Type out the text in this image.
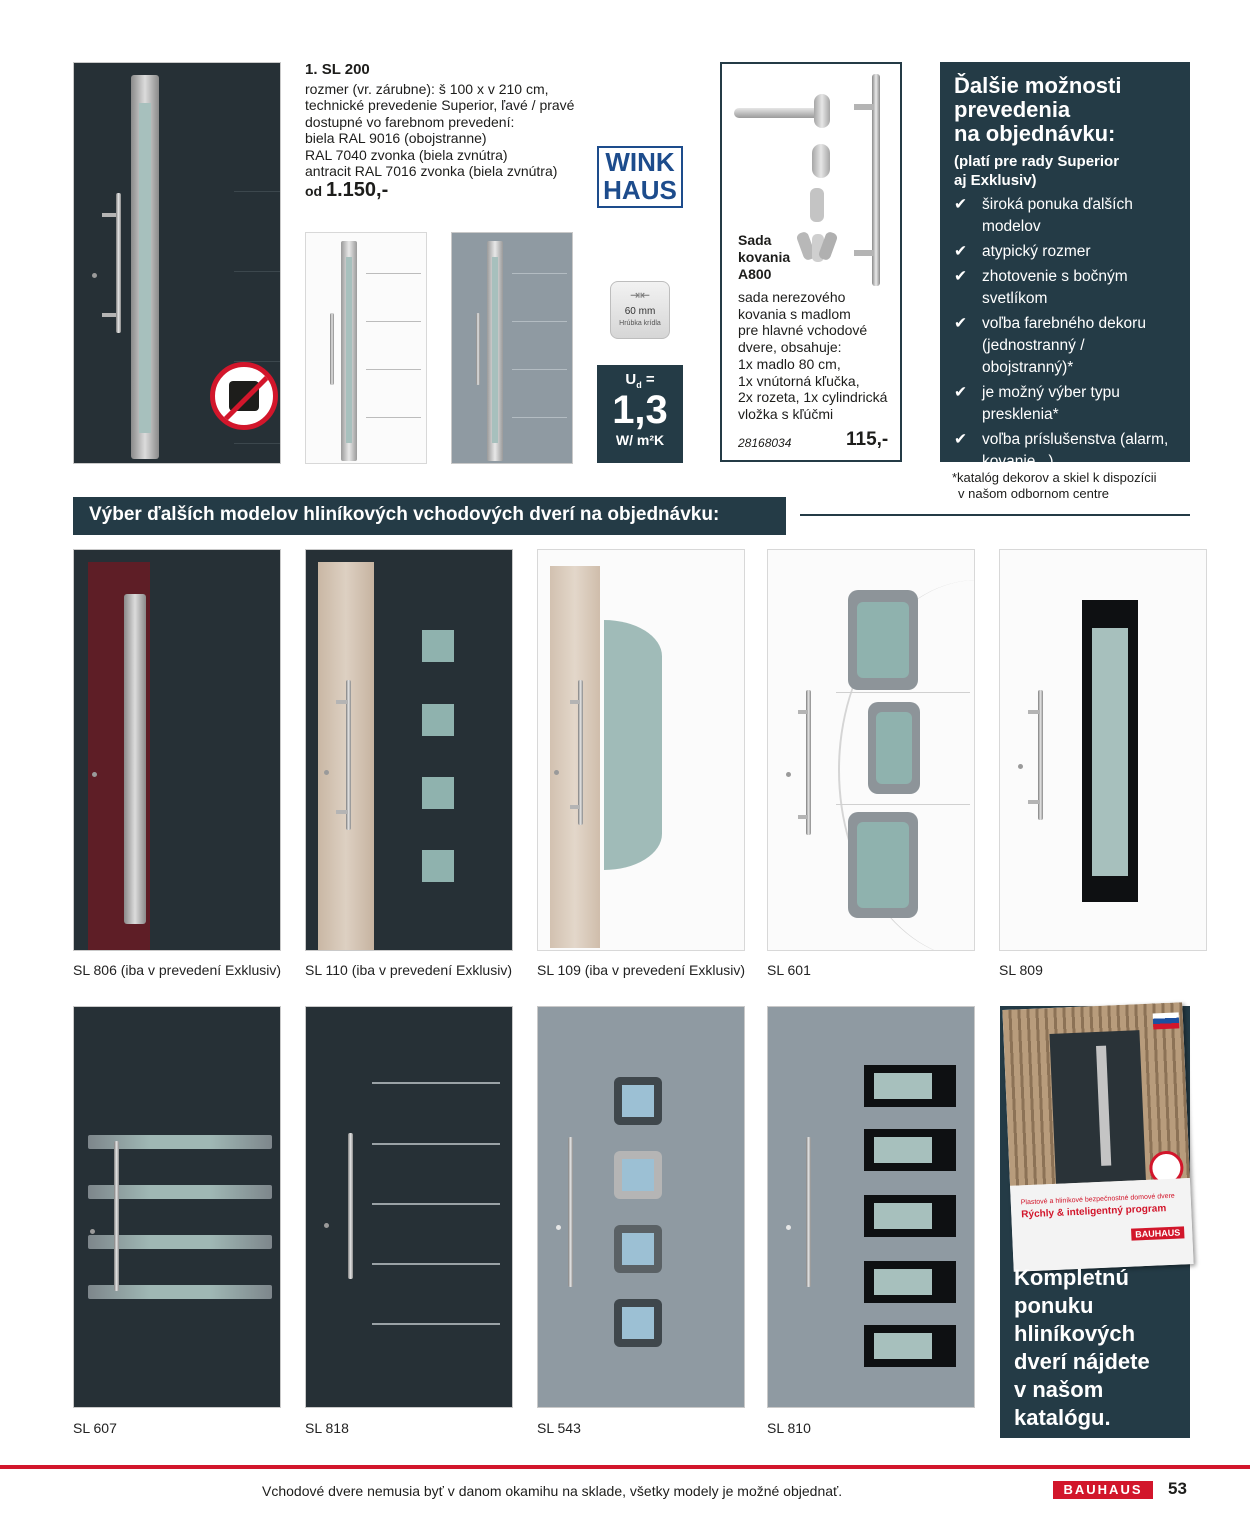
1. SL 200
rozmer (vr. zárubne): š 100 x v 210 cm,
technické prevedenie Superior, ľavé / pravé
dostupné vo farebnom prevedení:
biela RAL 9016 (obojstranne)
RAL 7040 zvonka (biela zvnútra)
antracit RAL 7016 zvonka (biela zvnútra)
od 1.150,-
WINK
HAUS
⇥⇤
60 mm
Hrúbka krídla
$U_d$ =
1,3
W/ m²K
Sada
kovania
A800
sada nerezového
kovania s madlom
pre hlavné vchodové
dvere, obsahuje:
1x madlo 80 cm,
1x vnútorná kľučka,
2x rozeta, 1x cylindrická
vložka s kľúčmi
28168034	115,-
Ďalšie možnosti
prevedenia
na objednávku:
(platí pre rady Superior
aj Exklusiv)
✔ široká ponuka ďalších modelov
✔ atypický rozmer
✔ zhotovenie s bočným svetlíkom
✔ voľba farebného dekoru (jednostranný / obojstranný)*
✔ je možný výber typu presklenia*
✔ voľba príslušenstva (alarm, kovanie...)
*katalóg dekorov a skiel k dispozícii
v našom odbornom centre
Výber ďalších modelov hliníkových vchodových dverí na objednávku:
SL 806 (iba v prevedení Exklusiv) SL 110 (iba v prevedení Exklusiv) SL 109 (iba v prevedení Exklusiv) SL 601	SL 809
SL 607	SL 818	SL 543	SL 810
Plastové a hliníkové bezpečnostné domové dvere
Rýchly & inteligentný program
BAUHAUS
Kompletnú
ponuku
hliníkových
dverí nájdete
v našom
katalógu.
Vchodové dvere nemusia byť v danom okamihu na sklade, všetky modely je možné objednať.	BAUHAUS	53
